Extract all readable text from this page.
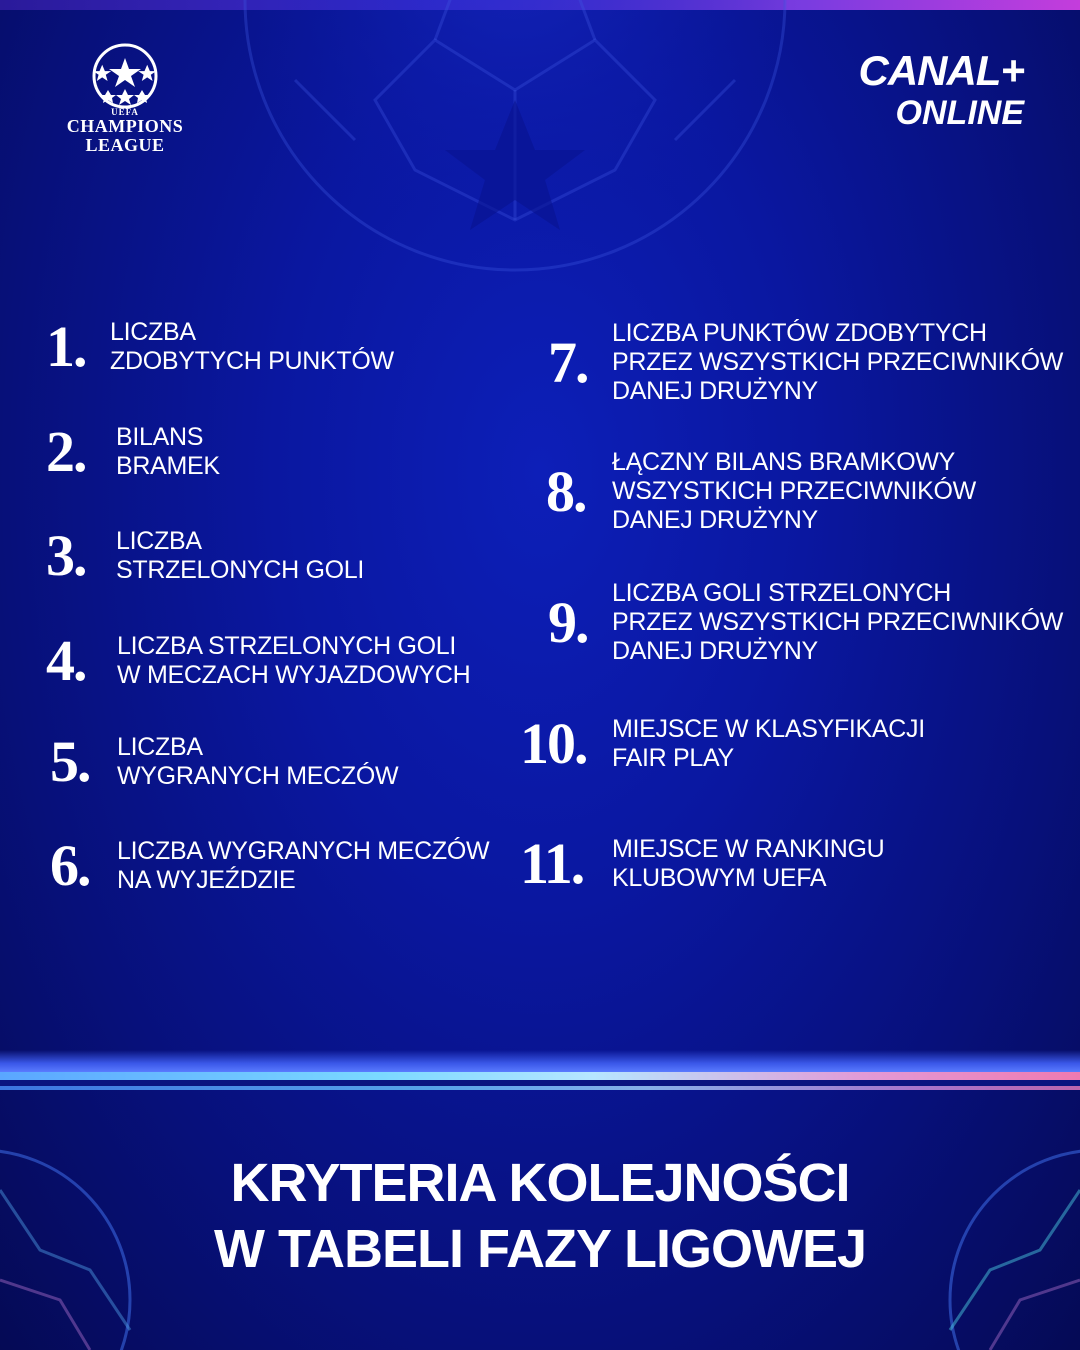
UEFA
CHAMPIONS
LEAGUE
CANAL+
ONLINE
1. LICZBA
ZDOBYTYCH PUNKTÓW
2.	BILANS
BRAMEK
3.	LICZBA
STRZELONYCH GOLI
4.	LICZBA STRZELONYCH GOLI
W MECZACH WYJAZDOWYCH
5.	LICZBA
WYGRANYCH MECZÓW
6.	LICZBA WYGRANYCH MECZÓW
NA WYJEŹDZIE
7. LICZBA PUNKTÓW ZDOBYTYCH
PRZEZ WSZYSTKICH PRZECIWNIKÓW
DANEJ DRUŻYNY
8.	ŁĄCZNY BILANS BRAMKOWY
WSZYSTKICH PRZECIWNIKÓW
DANEJ DRUŻYNY
9. LICZBA GOLI STRZELONYCH
PRZEZ WSZYSTKICH PRZECIWNIKÓW
DANEJ DRUŻYNY
10.	MIEJSCE W KLASYFIKACJI
FAIR PLAY
11.	MIEJSCE W RANKINGU
KLUBOWYM UEFA
KRYTERIA KOLEJNOŚCI
W TABELI FAZY LIGOWEJ
